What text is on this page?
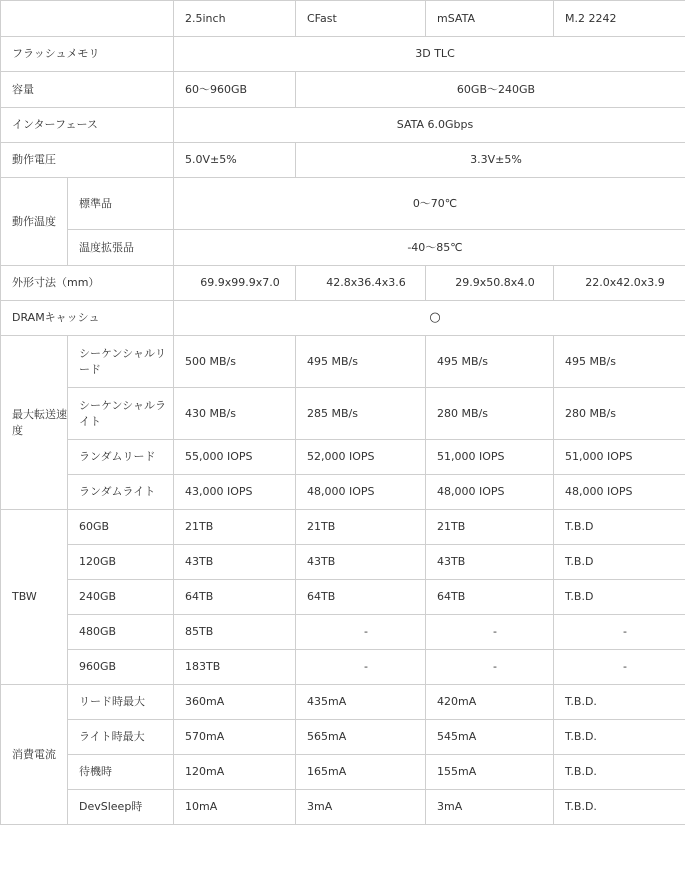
		2.5inch	CFast	mSATA	M.2 2242
フラッシュメモリ		3D TLC			
容量		60～960GB	60GB～240GB		
インターフェース		SATA 6.0Gbps			
動作電圧		5.0V±5%	3.3V±5%		
動作温度	標準品	0～70℃			
	温度拡張品	-40～85℃			
外形寸法（mm）		69.9x99.9x7.0	42.8x36.4x3.6	29.9x50.8x4.0	22.0x42.0x3.9
DRAMキャッシュ		○			
最大転送速度	シーケンシャルリード	500 MB/s	495 MB/s	495 MB/s	495 MB/s
	シーケンシャルライト	430 MB/s	285 MB/s	280 MB/s	280 MB/s
	ランダムリード	55,000 IOPS	52,000 IOPS	51,000 IOPS	51,000 IOPS
	ランダムライト	43,000 IOPS	48,000 IOPS	48,000 IOPS	48,000 IOPS
TBW	60GB	21TB	21TB	21TB	T.B.D
	120GB	43TB	43TB	43TB	T.B.D
	240GB	64TB	64TB	64TB	T.B.D
	480GB	85TB	-	-	-
	960GB	183TB	-	-	-
消費電流	リード時最大	360mA	435mA	420mA	T.B.D.
	ライト時最大	570mA	565mA	545mA	T.B.D.
	待機時	120mA	165mA	155mA	T.B.D.
	DevSleep時	10mA	3mA	3mA	T.B.D.
